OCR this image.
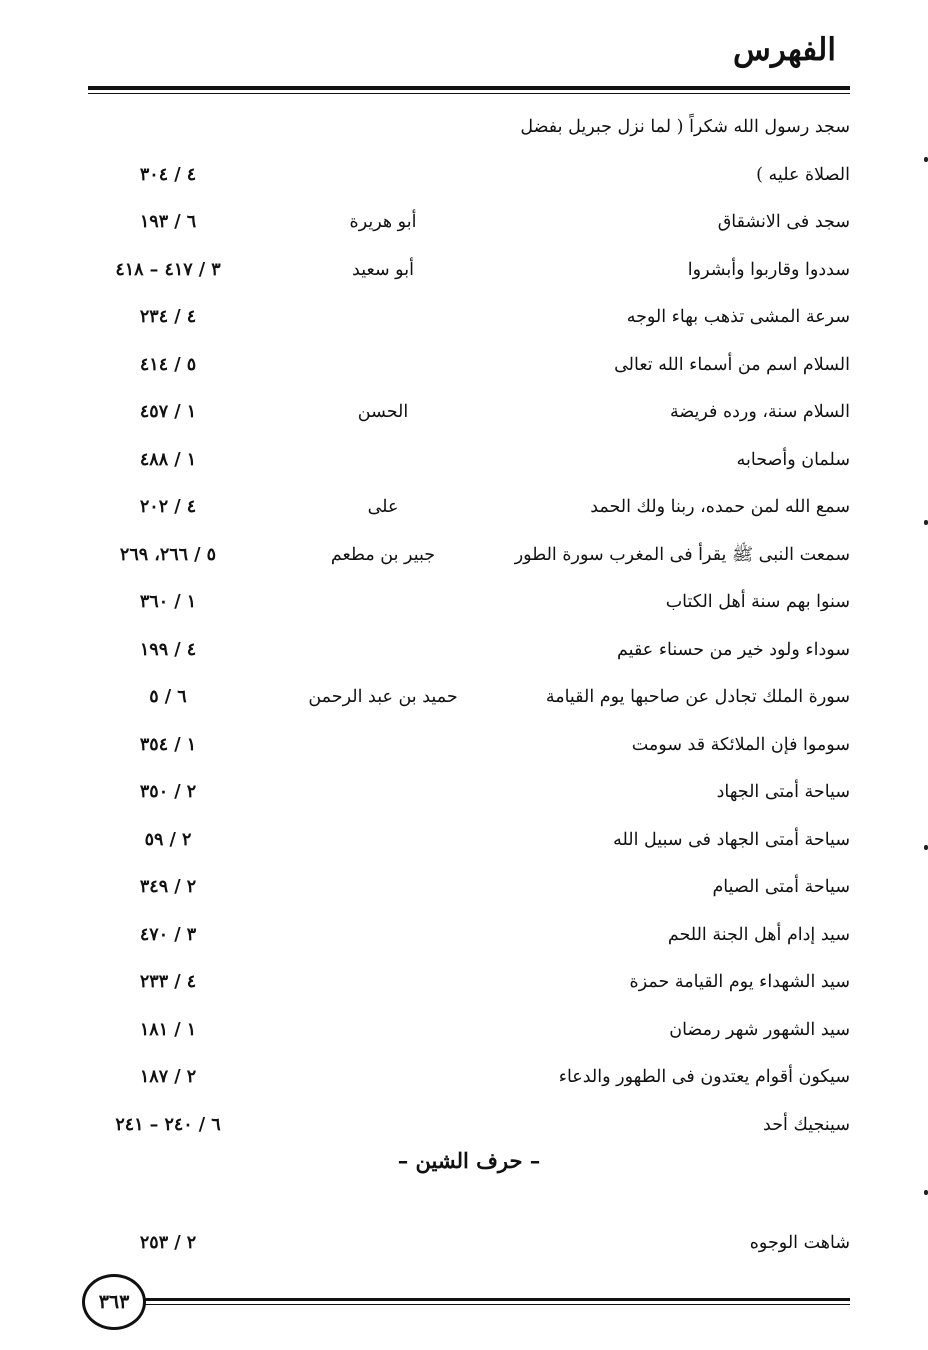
الفهرس
سجد رسول الله شكراً ( لما نزل جبريل بفضل
الصلاة عليه )
٤ / ٣٠٤
سجد فى الانشقاق
أبو هريرة
٦ / ١٩٣
سددوا وقاربوا وأبشروا
أبو سعيد
٣ / ٤١٧ – ٤١٨
سرعة المشى تذهب بهاء الوجه
٤ / ٢٣٤
السلام اسم من أسماء الله تعالى
٥ / ٤١٤
السلام سنة، ورده فريضة
الحسن
١ / ٤٥٧
سلمان وأصحابه
١ / ٤٨٨
سمع الله لمن حمده، ربنا ولك الحمد
على
٤ / ٢٠٢
سمعت النبى ﷺ يقرأ فى المغرب سورة الطور
جبير بن مطعم
٥ / ٢٦٦، ٢٦٩
سنوا بهم سنة أهل الكتاب
١ / ٣٦٠
سوداء ولود خير من حسناء عقيم
٤ / ١٩٩
سورة الملك تجادل عن صاحبها يوم القيامة
حميد بن عبد الرحمن
٦ / ٥
سوموا فإن الملائكة قد سومت
١ / ٣٥٤
سياحة أمتى الجهاد
٢ / ٣٥٠
سياحة أمتى الجهاد فى سبيل الله
٢ / ٥٩
سياحة أمتى الصيام
٢ / ٣٤٩
سيد إدام أهل الجنة اللحم
٣ / ٤٧٠
سيد الشهداء يوم القيامة حمزة
٤ / ٢٣٣
سيد الشهور شهر رمضان
١ / ١٨١
سيكون أقوام يعتدون فى الطهور والدعاء
٢ / ١٨٧
سينجيك أحد
٦ / ٢٤٠ – ٢٤١
– حرف الشين –
شاهت الوجوه
٢ / ٢٥٣
٣٦٣
